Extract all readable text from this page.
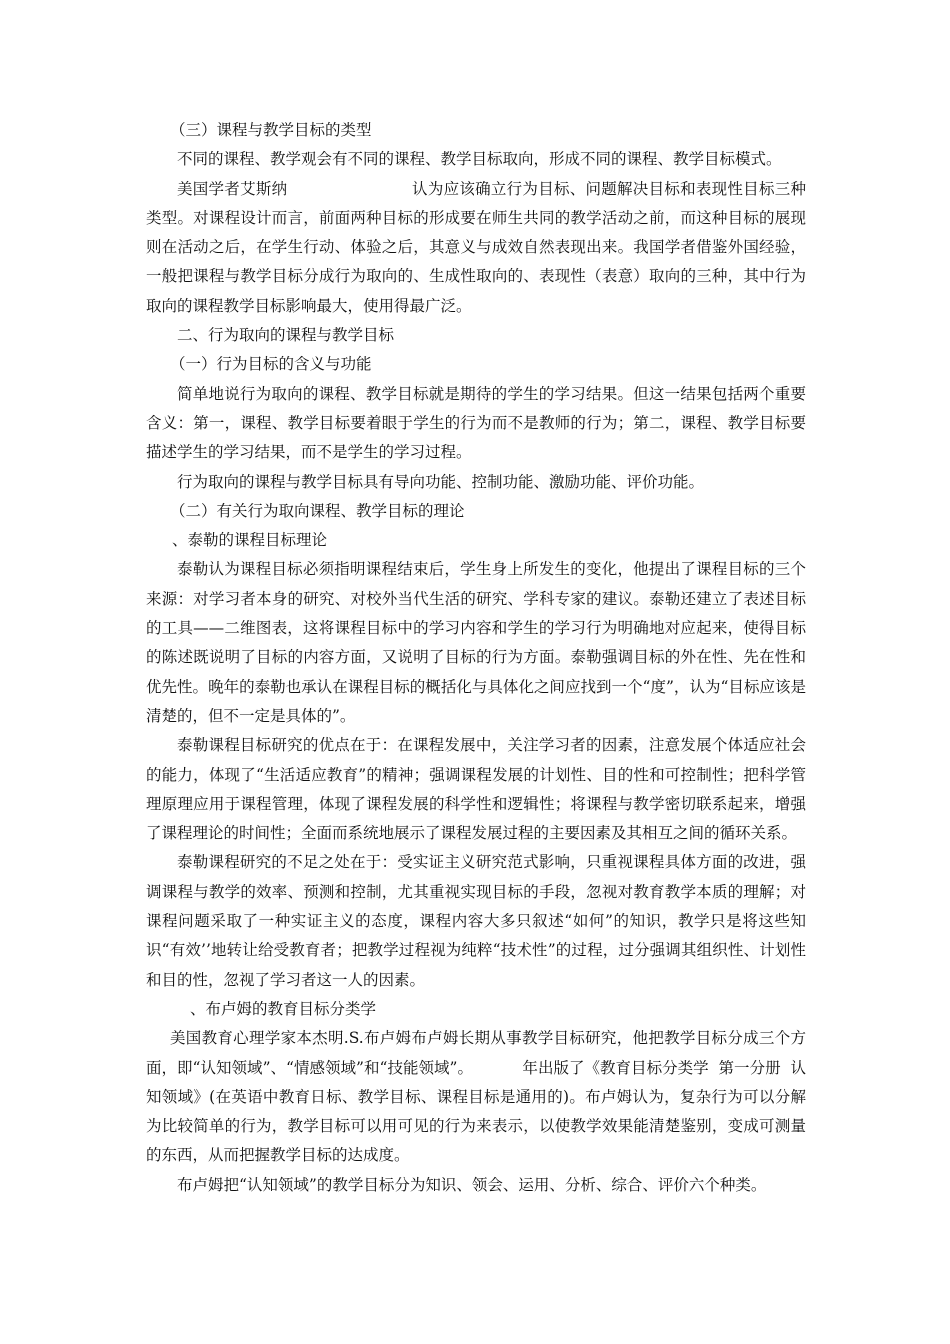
（三）课程与教学目标的类型

不同的课程、教学观会有不同的课程、教学目标取向，形成不同的课程、教学目标模式。

美国学者艾斯纳                        认为应该确立行为目标、问题解决目标和表现性目标三种类型。对课程设计而言，前面两种目标的形成要在师生共同的教学活动之前，而这种目标的展现则在活动之后，在学生行动、体验之后，其意义与成效自然表现出来。我国学者借鉴外国经验，一般把课程与教学目标分成行为取向的、生成性取向的、表现性（表意）取向的三种，其中行为取向的课程教学目标影响最大，使用得最广泛。

二、行为取向的课程与教学目标

（一）行为目标的含义与功能

简单地说行为取向的课程、教学目标就是期待的学生的学习结果。但这一结果包括两个重要含义：第一，课程、教学目标要着眼于学生的行为而不是教师的行为；第二，课程、教学目标要描述学生的学习结果，而不是学生的学习过程。

行为取向的课程与教学目标具有导向功能、控制功能、激励功能、评价功能。

（二）有关行为取向课程、教学目标的理论

、泰勒的课程目标理论

泰勒认为课程目标必须指明课程结束后，学生身上所发生的变化，他提出了课程目标的三个来源：对学习者本身的研究、对校外当代生活的研究、学科专家的建议。泰勒还建立了表述目标的工具——二维图表，这将课程目标中的学习内容和学生的学习行为明确地对应起来，使得目标的陈述既说明了目标的内容方面，又说明了目标的行为方面。泰勒强调目标的外在性、先在性和优先性。晚年的泰勒也承认在课程目标的概括化与具体化之间应找到一个“度”，认为“目标应该是清楚的，但不一定是具体的”。

泰勒课程目标研究的优点在于：在课程发展中，关注学习者的因素，注意发展个体适应社会的能力，体现了“生活适应教育”的精神；强调课程发展的计划性、目的性和可控制性；把科学管理原理应用于课程管理，体现了课程发展的科学性和逻辑性；将课程与教学密切联系起来，增强了课程理论的时间性；全面而系统地展示了课程发展过程的主要因素及其相互之间的循环关系。

泰勒课程研究的不足之处在于：受实证主义研究范式影响，只重视课程具体方面的改进，强调课程与教学的效率、预测和控制，尤其重视实现目标的手段，忽视对教育教学本质的理解；对课程问题采取了一种实证主义的态度，课程内容大多只叙述“如何”的知识，教学只是将这些知识“有效’’地转让给受教育者；把教学过程视为纯粹“技术性”的过程，过分强调其组织性、计划性和目的性，忽视了学习者这一人的因素。

、布卢姆的教育目标分类学

美国教育心理学家本杰明.S.布卢姆布卢姆长期从事教学目标研究，他把教学目标分成三个方面，即“认知领域”、“情感领域”和“技能领域”。          年出版了《教育目标分类学  第一分册  认知领域》(在英语中教育日标、教学目标、课程目标是通用的)。布卢姆认为，复杂行为可以分解为比较简单的行为，教学目标可以用可见的行为来表示，以使教学效果能清楚鉴别，变成可测量的东西，从而把握教学目标的达成度。

布卢姆把“认知领域”的教学目标分为知识、领会、运用、分析、综合、评价六个种类。
